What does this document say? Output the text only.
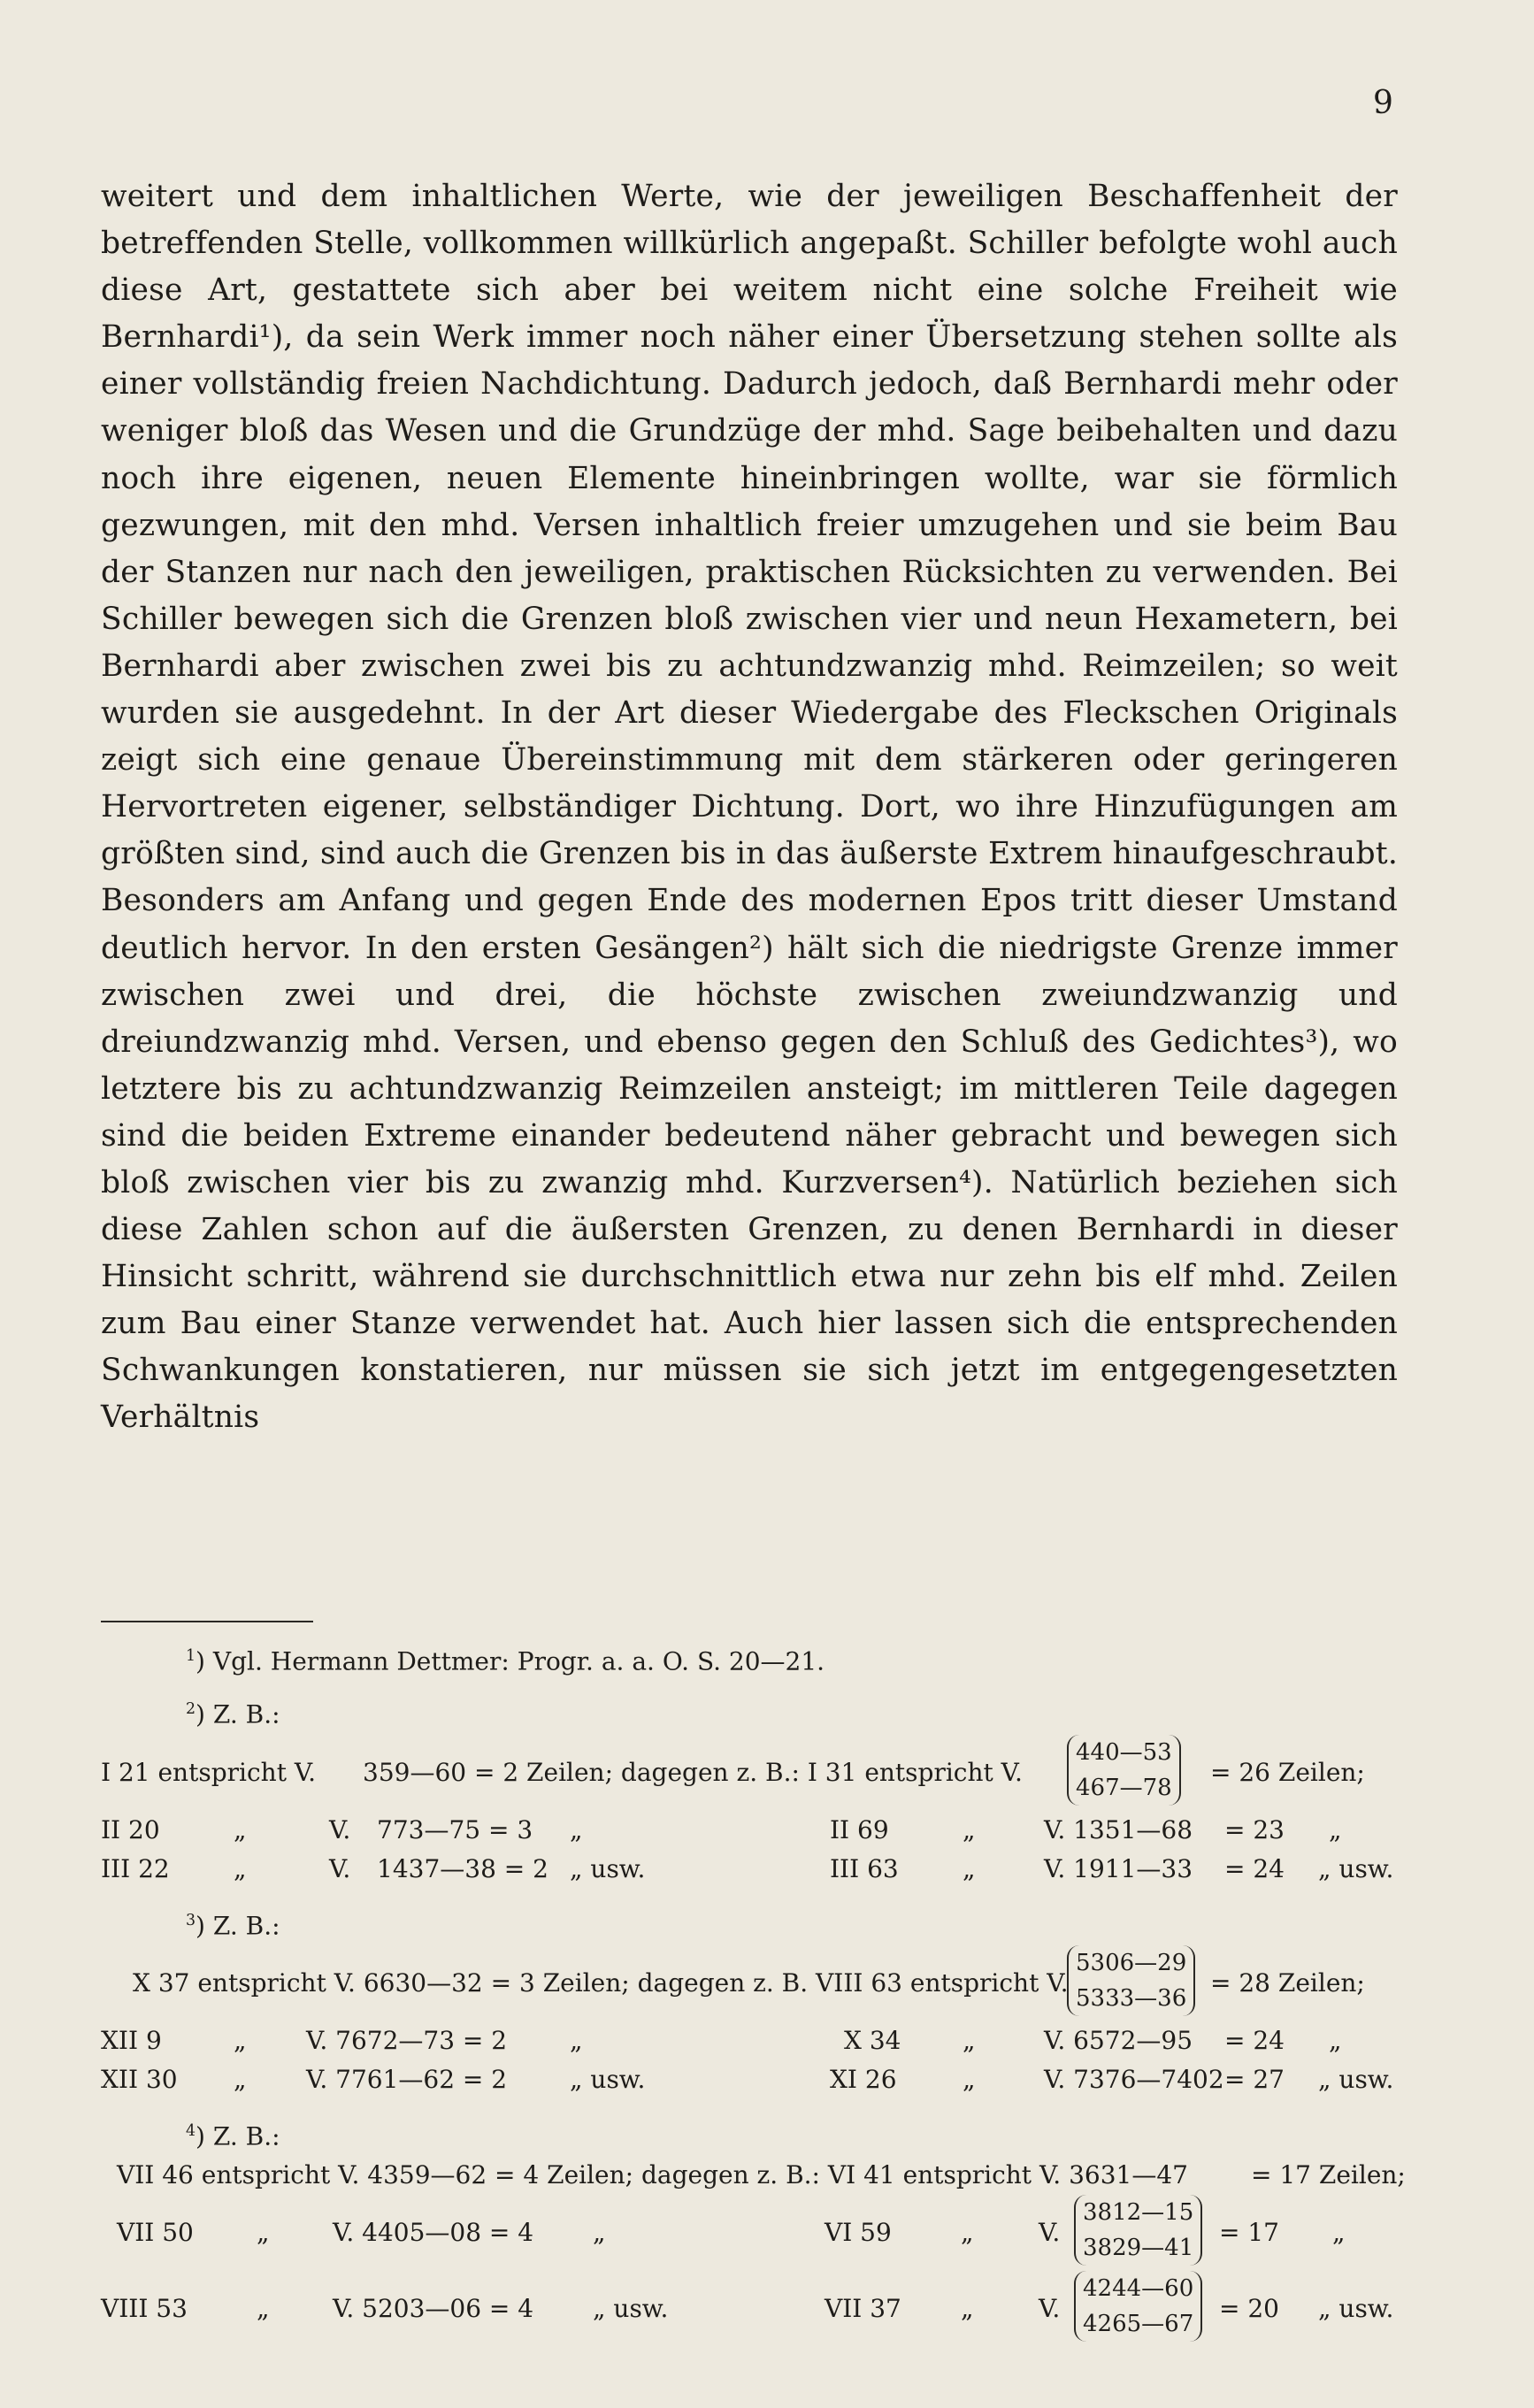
9

weitert und dem inhaltlichen Werte, wie der jeweiligen Beschaffenheit der betreffenden Stelle, vollkommen willkürlich angepaßt. Schiller befolgte wohl auch diese Art, gestattete sich aber bei weitem nicht eine solche Freiheit wie Bernhardi¹), da sein Werk immer noch näher einer Übersetzung stehen sollte als einer vollständig freien Nachdichtung. Dadurch jedoch, daß Bernhardi mehr oder weniger bloß das Wesen und die Grundzüge der mhd. Sage beibehalten und dazu noch ihre eigenen, neuen Elemente hineinbringen wollte, war sie förmlich gezwungen, mit den mhd. Versen inhaltlich freier umzugehen und sie beim Bau der Stanzen nur nach den jeweiligen, praktischen Rücksichten zu verwenden. Bei Schiller bewegen sich die Grenzen bloß zwischen vier und neun Hexametern, bei Bernhardi aber zwischen zwei bis zu achtundzwanzig mhd. Reimzeilen; so weit wurden sie ausgedehnt. In der Art dieser Wiedergabe des Fleckschen Originals zeigt sich eine genaue Übereinstimmung mit dem stärkeren oder geringeren Hervortreten eigener, selbständiger Dichtung. Dort, wo ihre Hinzufügungen am größten sind, sind auch die Grenzen bis in das äußerste Extrem hinaufgeschraubt. Besonders am Anfang und gegen Ende des modernen Epos tritt dieser Umstand deutlich hervor. In den ersten Gesängen²) hält sich die niedrigste Grenze immer zwischen zwei und drei, die höchste zwischen zweiundzwanzig und dreiundzwanzig mhd. Versen, und ebenso gegen den Schluß des Gedichtes³), wo letztere bis zu achtundzwanzig Reimzeilen ansteigt; im mittleren Teile dagegen sind die beiden Extreme einander bedeutend näher gebracht und bewegen sich bloß zwischen vier bis zu zwanzig mhd. Kurzversen⁴). Natürlich beziehen sich diese Zahlen schon auf die äußersten Grenzen, zu denen Bernhardi in dieser Hinsicht schritt, während sie durchschnittlich etwa nur zehn bis elf mhd. Zeilen zum Bau einer Stanze verwendet hat. Auch hier lassen sich die entsprechenden Schwankungen konstatieren, nur müssen sie sich jetzt im entgegengesetzten Verhältnis

$^1$) Vgl. Hermann Dettmer: Progr. a. a. O. S. 20—21.
$^2$) Z. B.:
I 21 entspricht V. 359—60 = 2 Zeilen; dagegen z. B.: I 31 entspricht V.
440—53
467—78
= 26 Zeilen;
II 20	„	V. 773—75 = 3 „	II 69	„	V. 1351—68 = 23 „
III 22	„	V. 1437—38 = 2 „ usw.	III 63	„	V. 1911—33 = 24 „ usw.
$^3$) Z. B.:
X 37 entspricht V. 6630—32 = 3 Zeilen; dagegen z. B. VIII 63 entspricht V.
5306—29
5333—36
= 28 Zeilen;
XII 9	„ V. 7672—73 = 2	„	X 34 „	V. 6572—95 = 24 „
XII 30 „ V. 7761—62 = 2	„ usw.	XI 26	„	V. 7376—7402 = 27 „ usw.
$^4$) Z. B.:
VII 46 entspricht V. 4359—62 = 4 Zeilen; dagegen z. B.: VI 41 entspricht V. 3631—47	= 17 Zeilen;
VII 50	„	V. 4405—08 = 4 „	VI 59	„	V.
3812—15
3829—41
= 17 „
VIII 53	„	V. 5203—06 = 4 „ usw.	VII 37 „	V.
4244—60
4265—67
= 20 „ usw.
